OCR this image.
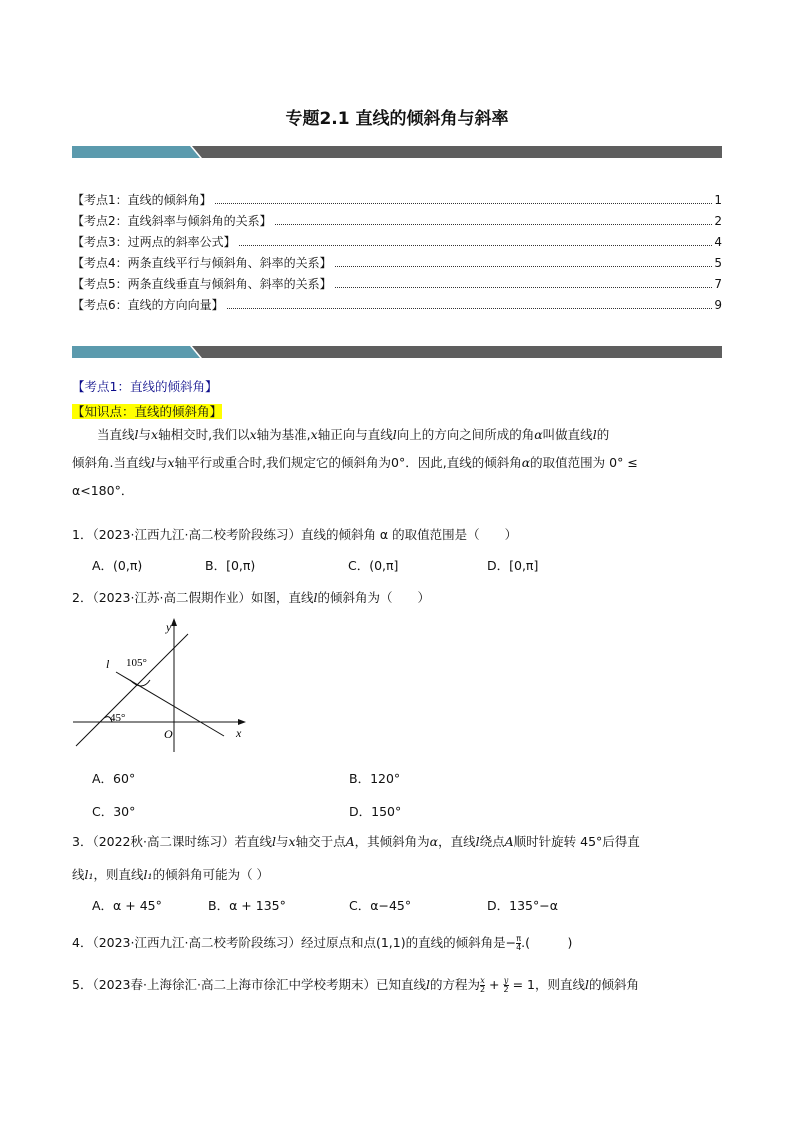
专题2.1 直线的倾斜角与斜率
【考点1：直线的倾斜角】	1
【考点2：直线斜率与倾斜角的关系】	2
【考点3：过两点的斜率公式】	4
【考点4：两条直线平行与倾斜角、斜率的关系】	5
【考点5：两条直线垂直与倾斜角、斜率的关系】	7
【考点6：直线的方向向量】	9
【考点1：直线的倾斜角】
【知识点：直线的倾斜角】

当直线l与x轴相交时,我们以x轴为基准,x轴正向与直线l向上的方向之间所成的角α叫做直线l的

倾斜角.当直线l与x轴平行或重合时,我们规定它的倾斜角为0°．因此,直线的倾斜角α的取值范围为 0° ≤

α<180°．

1．（2023·江西九江·高二校考阶段练习）直线的倾斜角 α 的取值范围是（　　）
A．(0,π)	B．[0,π)	C．(0,π]	D．[0,π]
2．（2023·江苏·高二假期作业）如图，直线l的倾斜角为（　　）
y
x
O
l 105°
45°
A．60°	B．120°
C．30°	D．150°
3．（2022秋·高二课时练习）若直线l与x轴交于点A，其倾斜角为α，直线l绕点A顺时针旋转 45°后得直
线l₁，则直线l₁的倾斜角可能为（ ）
A．α + 45°	B．α + 135°	C．α−45°	D．135°−α
4．（2023·江西九江·高二校考阶段练习）经过原点和点(1,1)的直线的倾斜角是− $\frac{\pi}{4}$ .(　　　)
5．（2023春·上海徐汇·高二上海市徐汇中学校考期末）已知直线l的方程为 $\frac{x}{2} + \frac{y}{2} = 1$，则直线l的倾斜角
